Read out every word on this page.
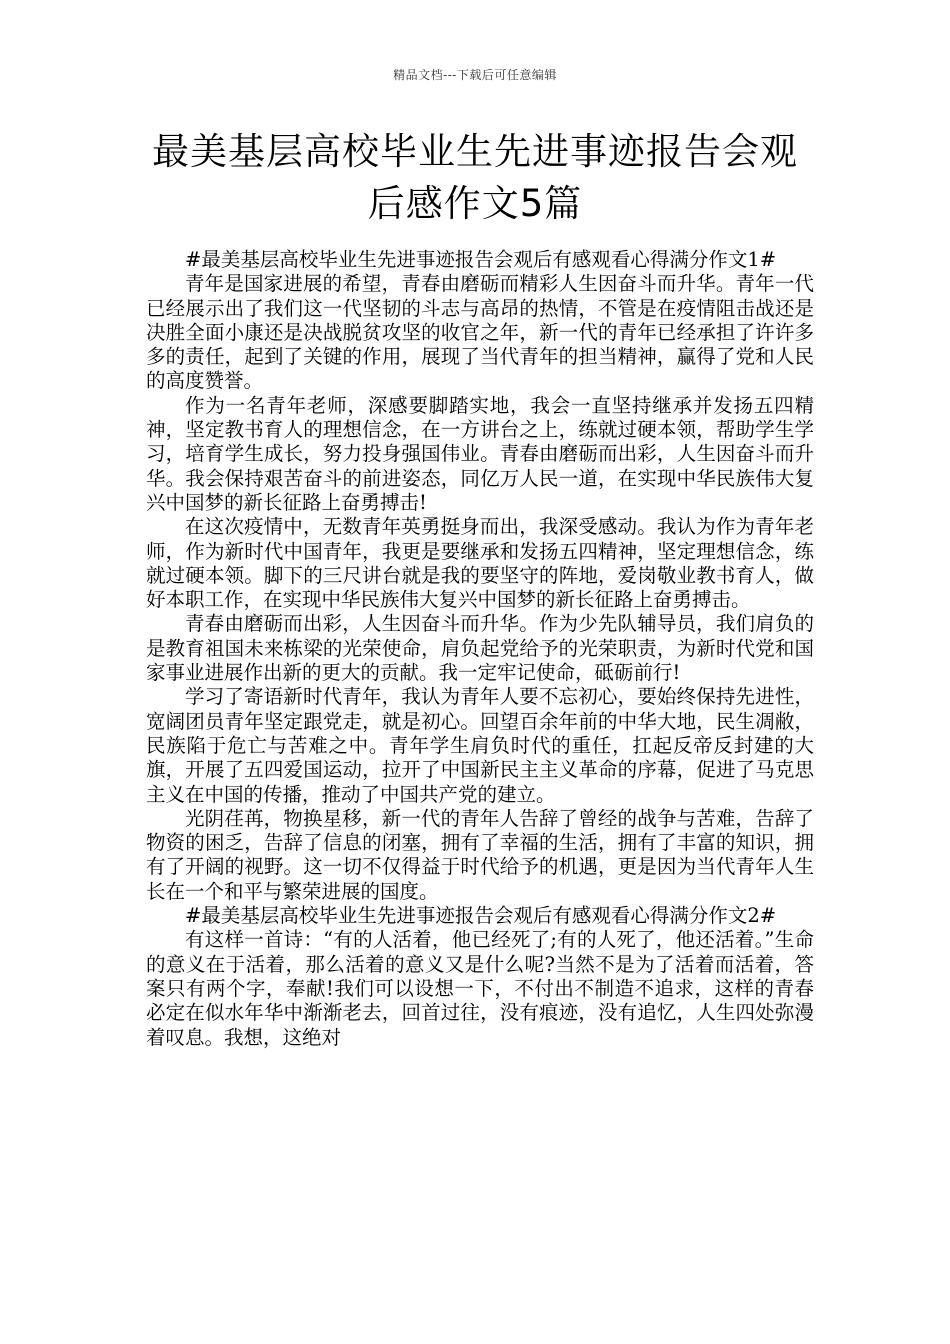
精品文档---下载后可任意编辑
最美基层高校毕业生先进事迹报告会观
后感作文5篇

#最美基层高校毕业生先进事迹报告会观后有感观看心得满分作文1#

青年是国家进展的希望，青春由磨砺而精彩人生因奋斗而升华。青年一代已经展示出了我们这一代坚韧的斗志与高昂的热情，不管是在疫情阻击战还是决胜全面小康还是决战脱贫攻坚的收官之年，新一代的青年已经承担了许许多多的责任，起到了关键的作用，展现了当代青年的担当精神，赢得了党和人民的高度赞誉。

作为一名青年老师，深感要脚踏实地，我会一直坚持继承并发扬五四精神，坚定教书育人的理想信念，在一方讲台之上，练就过硬本领，帮助学生学习，培育学生成长，努力投身强国伟业。青春由磨砺而出彩，人生因奋斗而升华。我会保持艰苦奋斗的前进姿态，同亿万人民一道，在实现中华民族伟大复兴中国梦的新长征路上奋勇搏击!

在这次疫情中，无数青年英勇挺身而出，我深受感动。我认为作为青年老师，作为新时代中国青年，我更是要继承和发扬五四精神，坚定理想信念，练就过硬本领。脚下的三尺讲台就是我的要坚守的阵地，爱岗敬业教书育人，做好本职工作，在实现中华民族伟大复兴中国梦的新长征路上奋勇搏击。

青春由磨砺而出彩，人生因奋斗而升华。作为少先队辅导员，我们肩负的是教育祖国未来栋梁的光荣使命，肩负起党给予的光荣职责，为新时代党和国家事业进展作出新的更大的贡献。我一定牢记使命，砥砺前行!

学习了寄语新时代青年，我认为青年人要不忘初心，要始终保持先进性，宽阔团员青年坚定跟党走，就是初心。回望百余年前的中华大地，民生凋敝，民族陷于危亡与苦难之中。青年学生肩负时代的重任，扛起反帝反封建的大旗，开展了五四爱国运动，拉开了中国新民主主义革命的序幕，促进了马克思主义在中国的传播，推动了中国共产党的建立。

光阴荏苒，物换星移，新一代的青年人告辞了曾经的战争与苦难，告辞了物资的困乏，告辞了信息的闭塞，拥有了幸福的生活，拥有了丰富的知识，拥有了开阔的视野。这一切不仅得益于时代给予的机遇，更是因为当代青年人生长在一个和平与繁荣进展的国度。

#最美基层高校毕业生先进事迹报告会观后有感观看心得满分作文2#

有这样一首诗：“有的人活着，他已经死了;有的人死了，他还活着。”生命的意义在于活着，那么活着的意义又是什么呢?当然不是为了活着而活着，答案只有两个字，奉献!我们可以设想一下，不付出不制造不追求，这样的青春必定在似水年华中渐渐老去，回首过往，没有痕迹，没有追忆，人生四处弥漫着叹息。我想，这绝对
